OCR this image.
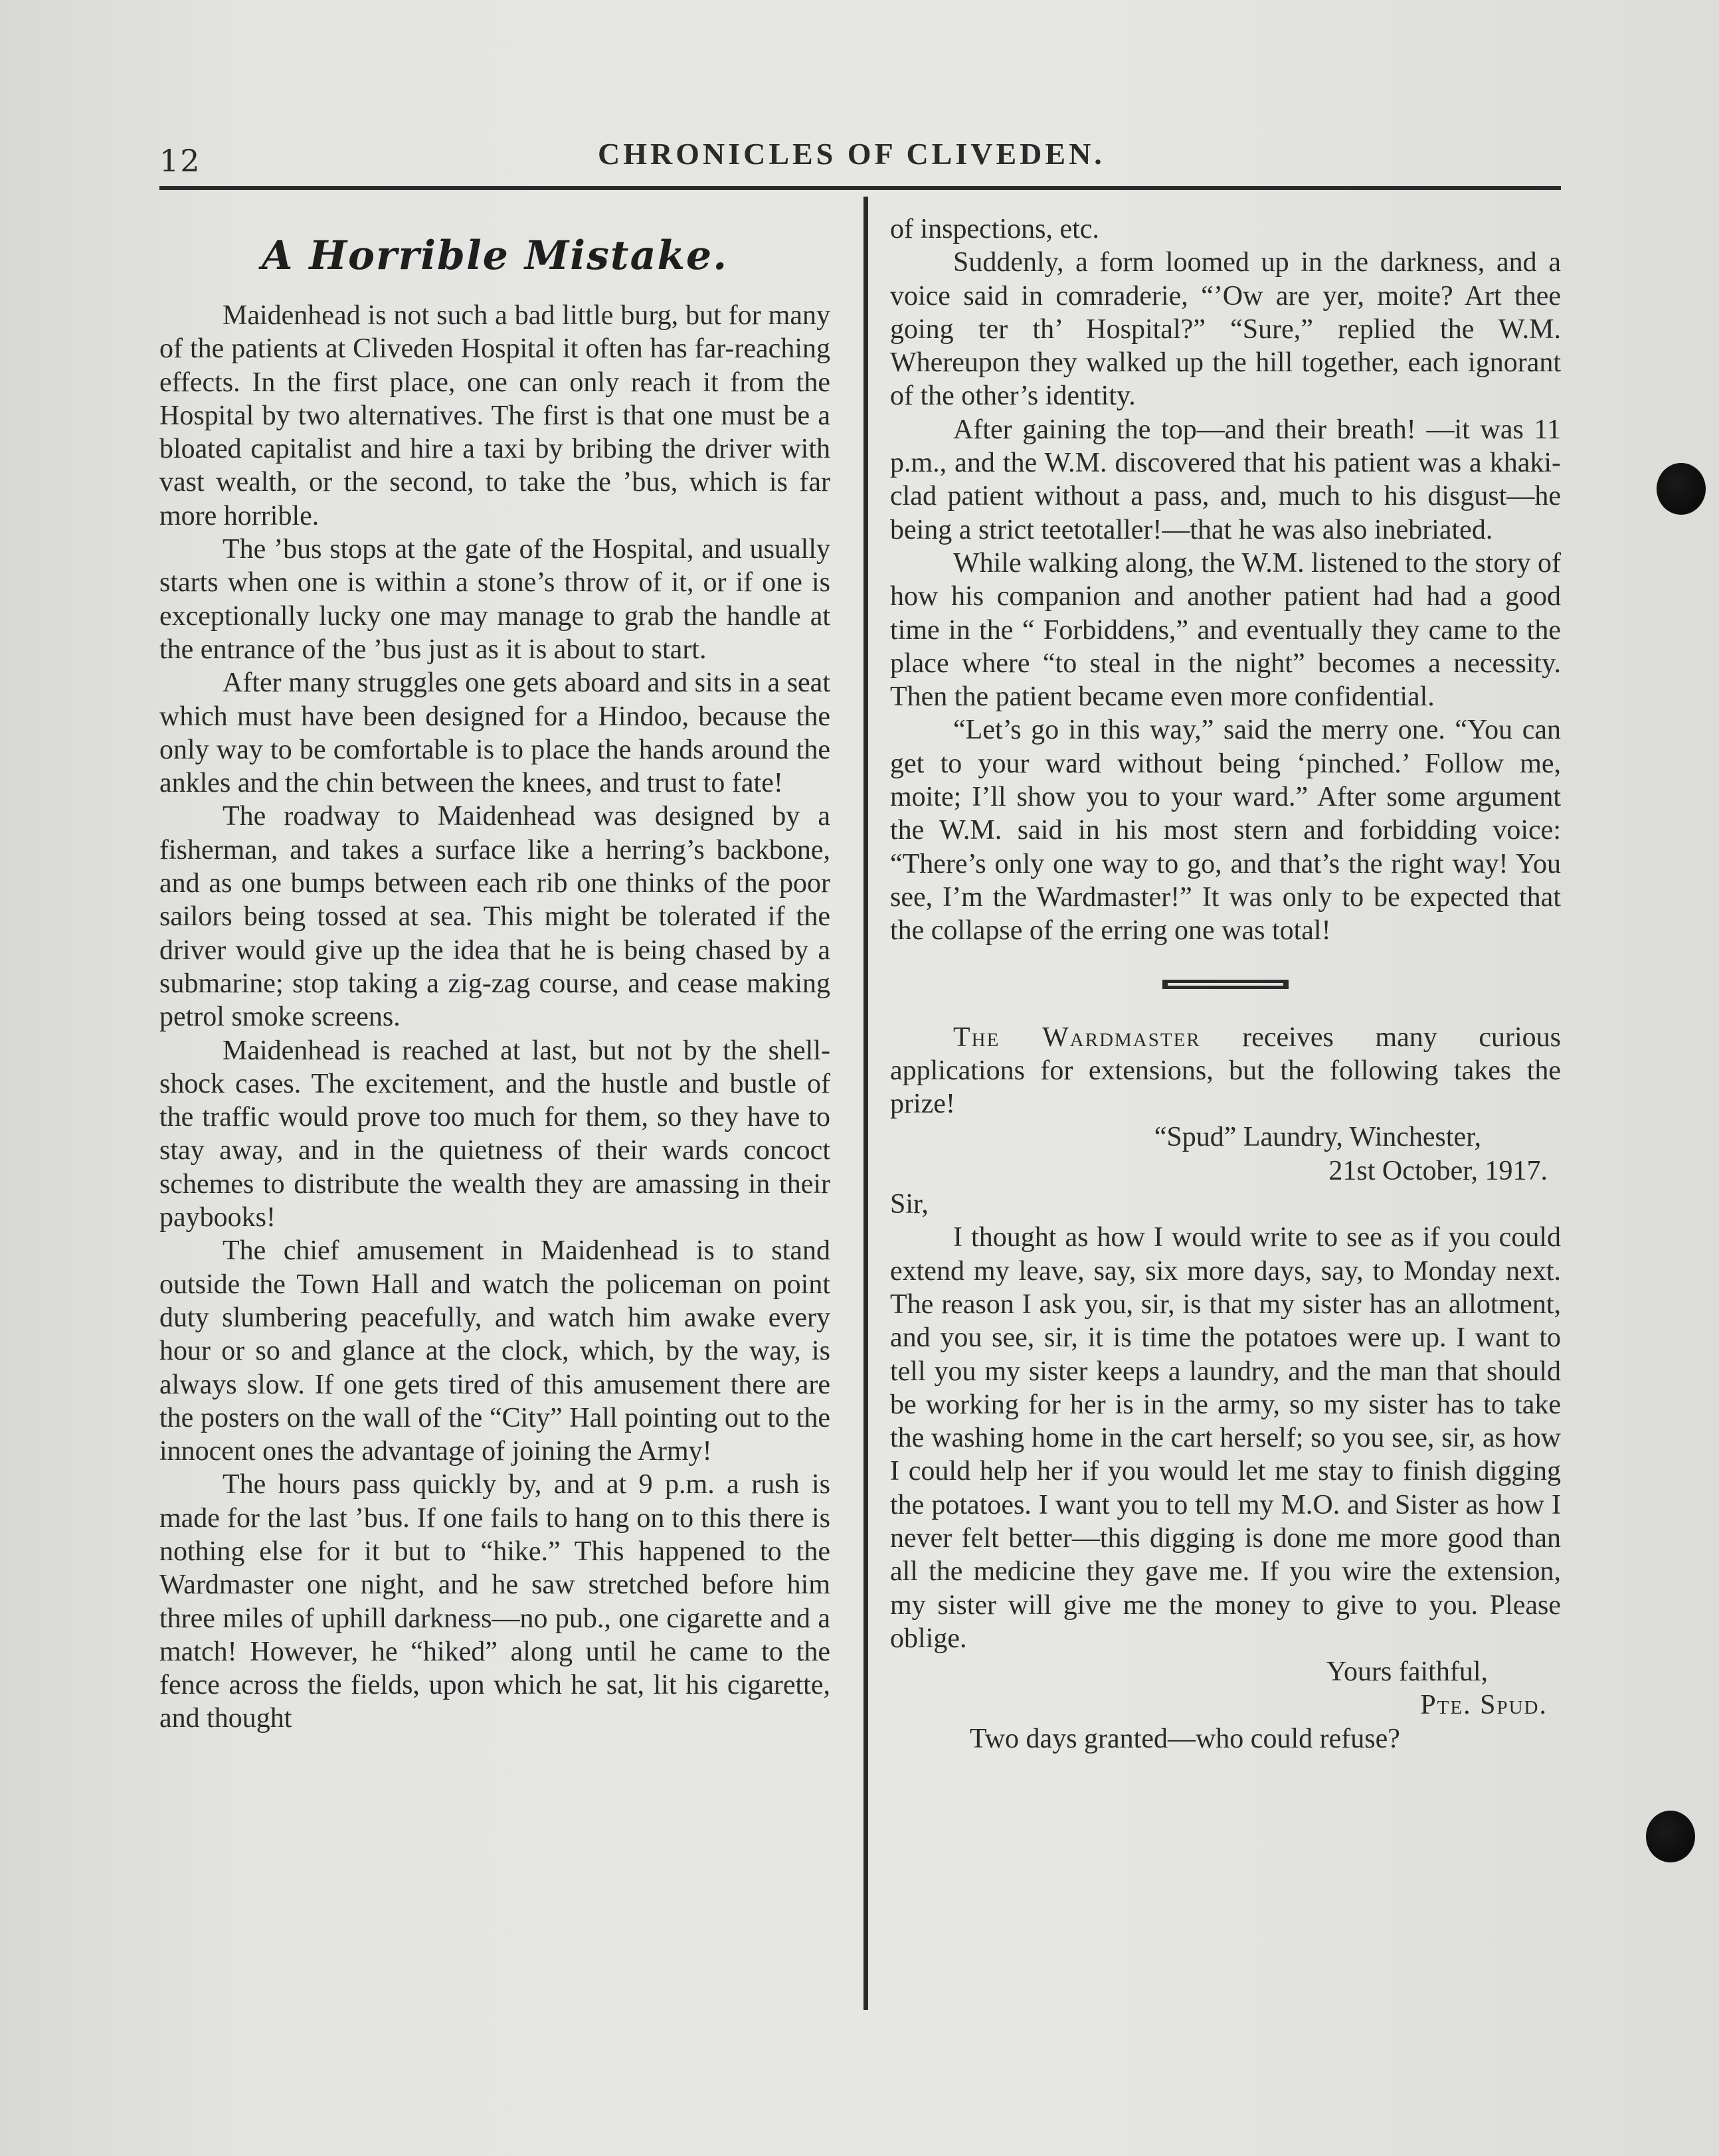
12	CHRONICLES OF CLIVEDEN.
A Horrible Mistake.

Maidenhead is not such a bad little burg, but for many of the patients at Cliveden Hospital it often has far-reaching effects. In the first place, one can only reach it from the Hospital by two alternatives. The first is that one must be a bloated capitalist and hire a taxi by bribing the driver with vast wealth, or the second, to take the ’bus, which is far more horrible.

The ’bus stops at the gate of the Hospital, and usually starts when one is within a stone’s throw of it, or if one is exceptionally lucky one may manage to grab the handle at the entrance of the ’bus just as it is about to start.

After many struggles one gets aboard and sits in a seat which must have been designed for a Hindoo, because the only way to be comfortable is to place the hands around the ankles and the chin between the knees, and trust to fate!

The roadway to Maidenhead was designed by a fisherman, and takes a surface like a herring’s backbone, and as one bumps between each rib one thinks of the poor sailors being tossed at sea. This might be tolerated if the driver would give up the idea that he is being chased by a submarine; stop taking a zig-zag course, and cease making petrol smoke screens.

Maidenhead is reached at last, but not by the shell-shock cases. The excitement, and the hustle and bustle of the traffic would prove too much for them, so they have to stay away, and in the quietness of their wards concoct schemes to distribute the wealth they are amassing in their paybooks!

The chief amusement in Maidenhead is to stand outside the Town Hall and watch the policeman on point duty slumbering peacefully, and watch him awake every hour or so and glance at the clock, which, by the way, is always slow. If one gets tired of this amusement there are the posters on the wall of the “City” Hall pointing out to the innocent ones the advantage of joining the Army!

The hours pass quickly by, and at 9 p.m. a rush is made for the last ’bus. If one fails to hang on to this there is nothing else for it but to “hike.” This happened to the Wardmaster one night, and he saw stretched before him three miles of uphill darkness—no pub., one cigarette and a match! However, he “hiked” along until he came to the fence across the fields, upon which he sat, lit his cigarette, and thought

of inspections, etc.

Suddenly, a form loomed up in the darkness, and a voice said in comraderie, “’Ow are yer, moite? Art thee going ter th’ Hospital?” “Sure,” replied the W.M. Whereupon they walked up the hill together, each ignorant of the other’s identity.

After gaining the top—and their breath! —it was 11 p.m., and the W.M. discovered that his patient was a khaki-clad patient without a pass, and, much to his disgust—he being a strict teetotaller!—that he was also inebriated.

While walking along, the W.M. listened to the story of how his companion and another patient had had a good time in the “ Forbiddens,” and eventually they came to the place where “to steal in the night” becomes a necessity. Then the patient became even more confidential.

“Let’s go in this way,” said the merry one. “You can get to your ward without being ‘pinched.’ Follow me, moite; I’ll show you to your ward.” After some argument the W.M. said in his most stern and forbidding voice: “There’s only one way to go, and that’s the right way! You see, I’m the Wardmaster!” It was only to be expected that the collapse of the erring one was total!

The Wardmaster receives many curious applications for extensions, but the following takes the prize!

“Spud” Laundry, Winchester,

21st October, 1917.

Sir,

I thought as how I would write to see as if you could extend my leave, say, six more days, say, to Monday next. The reason I ask you, sir, is that my sister has an allotment, and you see, sir, it is time the potatoes were up. I want to tell you my sister keeps a laundry, and the man that should be working for her is in the army, so my sister has to take the washing home in the cart herself; so you see, sir, as how I could help her if you would let me stay to finish digging the potatoes. I want you to tell my M.O. and Sister as how I never felt better—this digging is done me more good than all the medicine they gave me. If you wire the extension, my sister will give me the money to give to you. Please oblige.

Yours faithful,

Pte. Spud.

Two days granted—who could refuse?
